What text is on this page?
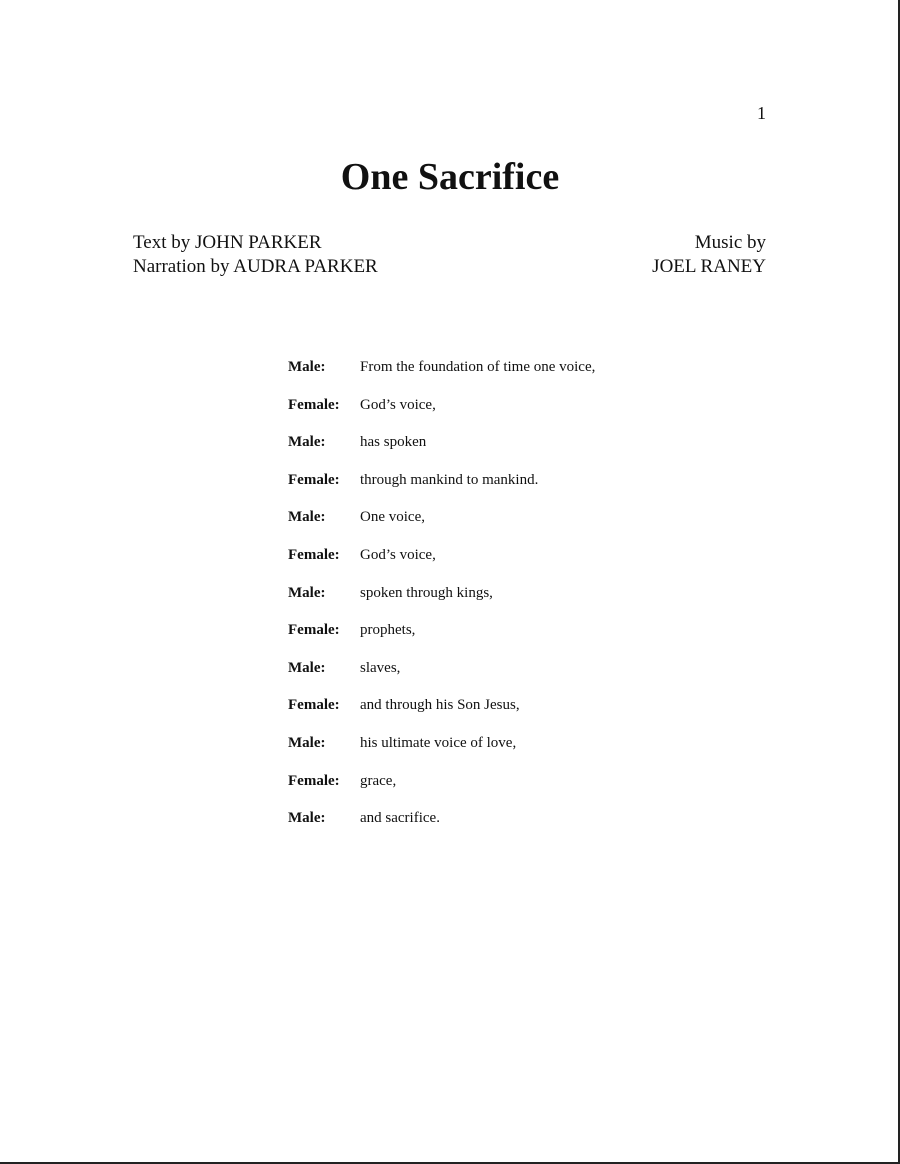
1
One Sacrifice
Text by JOHN PARKER
Narration by AUDRA PARKER
Music by
JOEL RANEY
Male:	From the foundation of time one voice,
Female:	God’s voice,
Male:	has spoken
Female:	through mankind to mankind.
Male:	One voice,
Female:	God’s voice,
Male:	spoken through kings,
Female:	prophets,
Male:	slaves,
Female:	and through his Son Jesus,
Male:	his ultimate voice of love,
Female:	grace,
Male:	and sacrifice.
